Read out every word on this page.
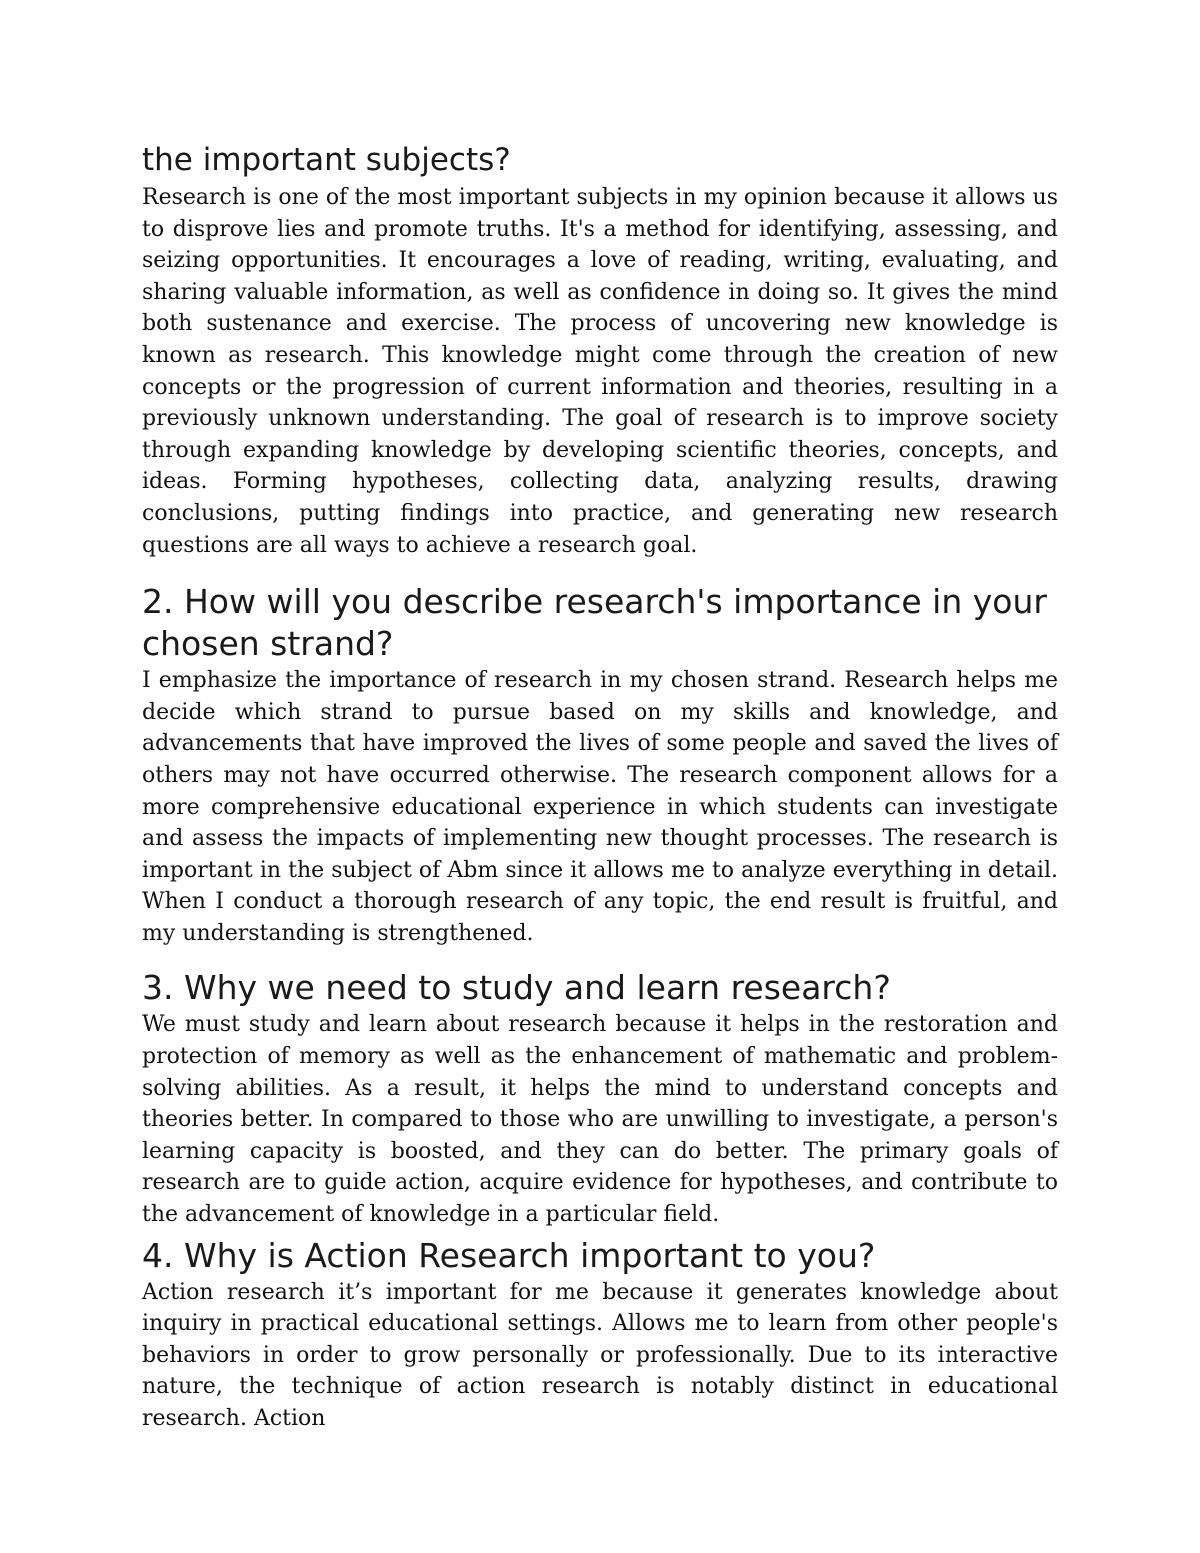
the important subjects?

Research is one of the most important subjects in my opinion because it allows us to disprove lies and promote truths. It's a method for identifying, assessing, and seizing opportunities. It encourages a love of reading, writing, evaluating, and sharing valuable information, as well as confidence in doing so. It gives the mind both sustenance and exercise. The process of uncovering new knowledge is known as research. This knowledge might come through the creation of new concepts or the progression of current information and theories, resulting in a previously unknown understanding. The goal of research is to improve society through expanding knowledge by developing scientific theories, concepts, and ideas. Forming hypotheses, collecting data, analyzing results, drawing conclusions, putting findings into practice, and generating new research questions are all ways to achieve a research goal.

2. How will you describe research's importance in your chosen strand?

I emphasize the importance of research in my chosen strand. Research helps me decide which strand to pursue based on my skills and knowledge, and advancements that have improved the lives of some people and saved the lives of others may not have occurred otherwise. The research component allows for a more comprehensive educational experience in which students can investigate and assess the impacts of implementing new thought processes. The research is important in the subject of Abm since it allows me to analyze everything in detail. When I conduct a thorough research of any topic, the end result is fruitful, and my understanding is strengthened.

3. Why we need to study and learn research?

We must study and learn about research because it helps in the restoration and protection of memory as well as the enhancement of mathematic and problem-solving abilities. As a result, it helps the mind to understand concepts and theories better. In compared to those who are unwilling to investigate, a person's learning capacity is boosted, and they can do better. The primary goals of research are to guide action, acquire evidence for hypotheses, and contribute to the advancement of knowledge in a particular field.

4. Why is Action Research important to you?

Action research it’s important for me because it generates knowledge about inquiry in practical educational settings. Allows me to learn from other people's behaviors in order to grow personally or professionally. Due to its interactive nature, the technique of action research is notably distinct in educational research. Action
